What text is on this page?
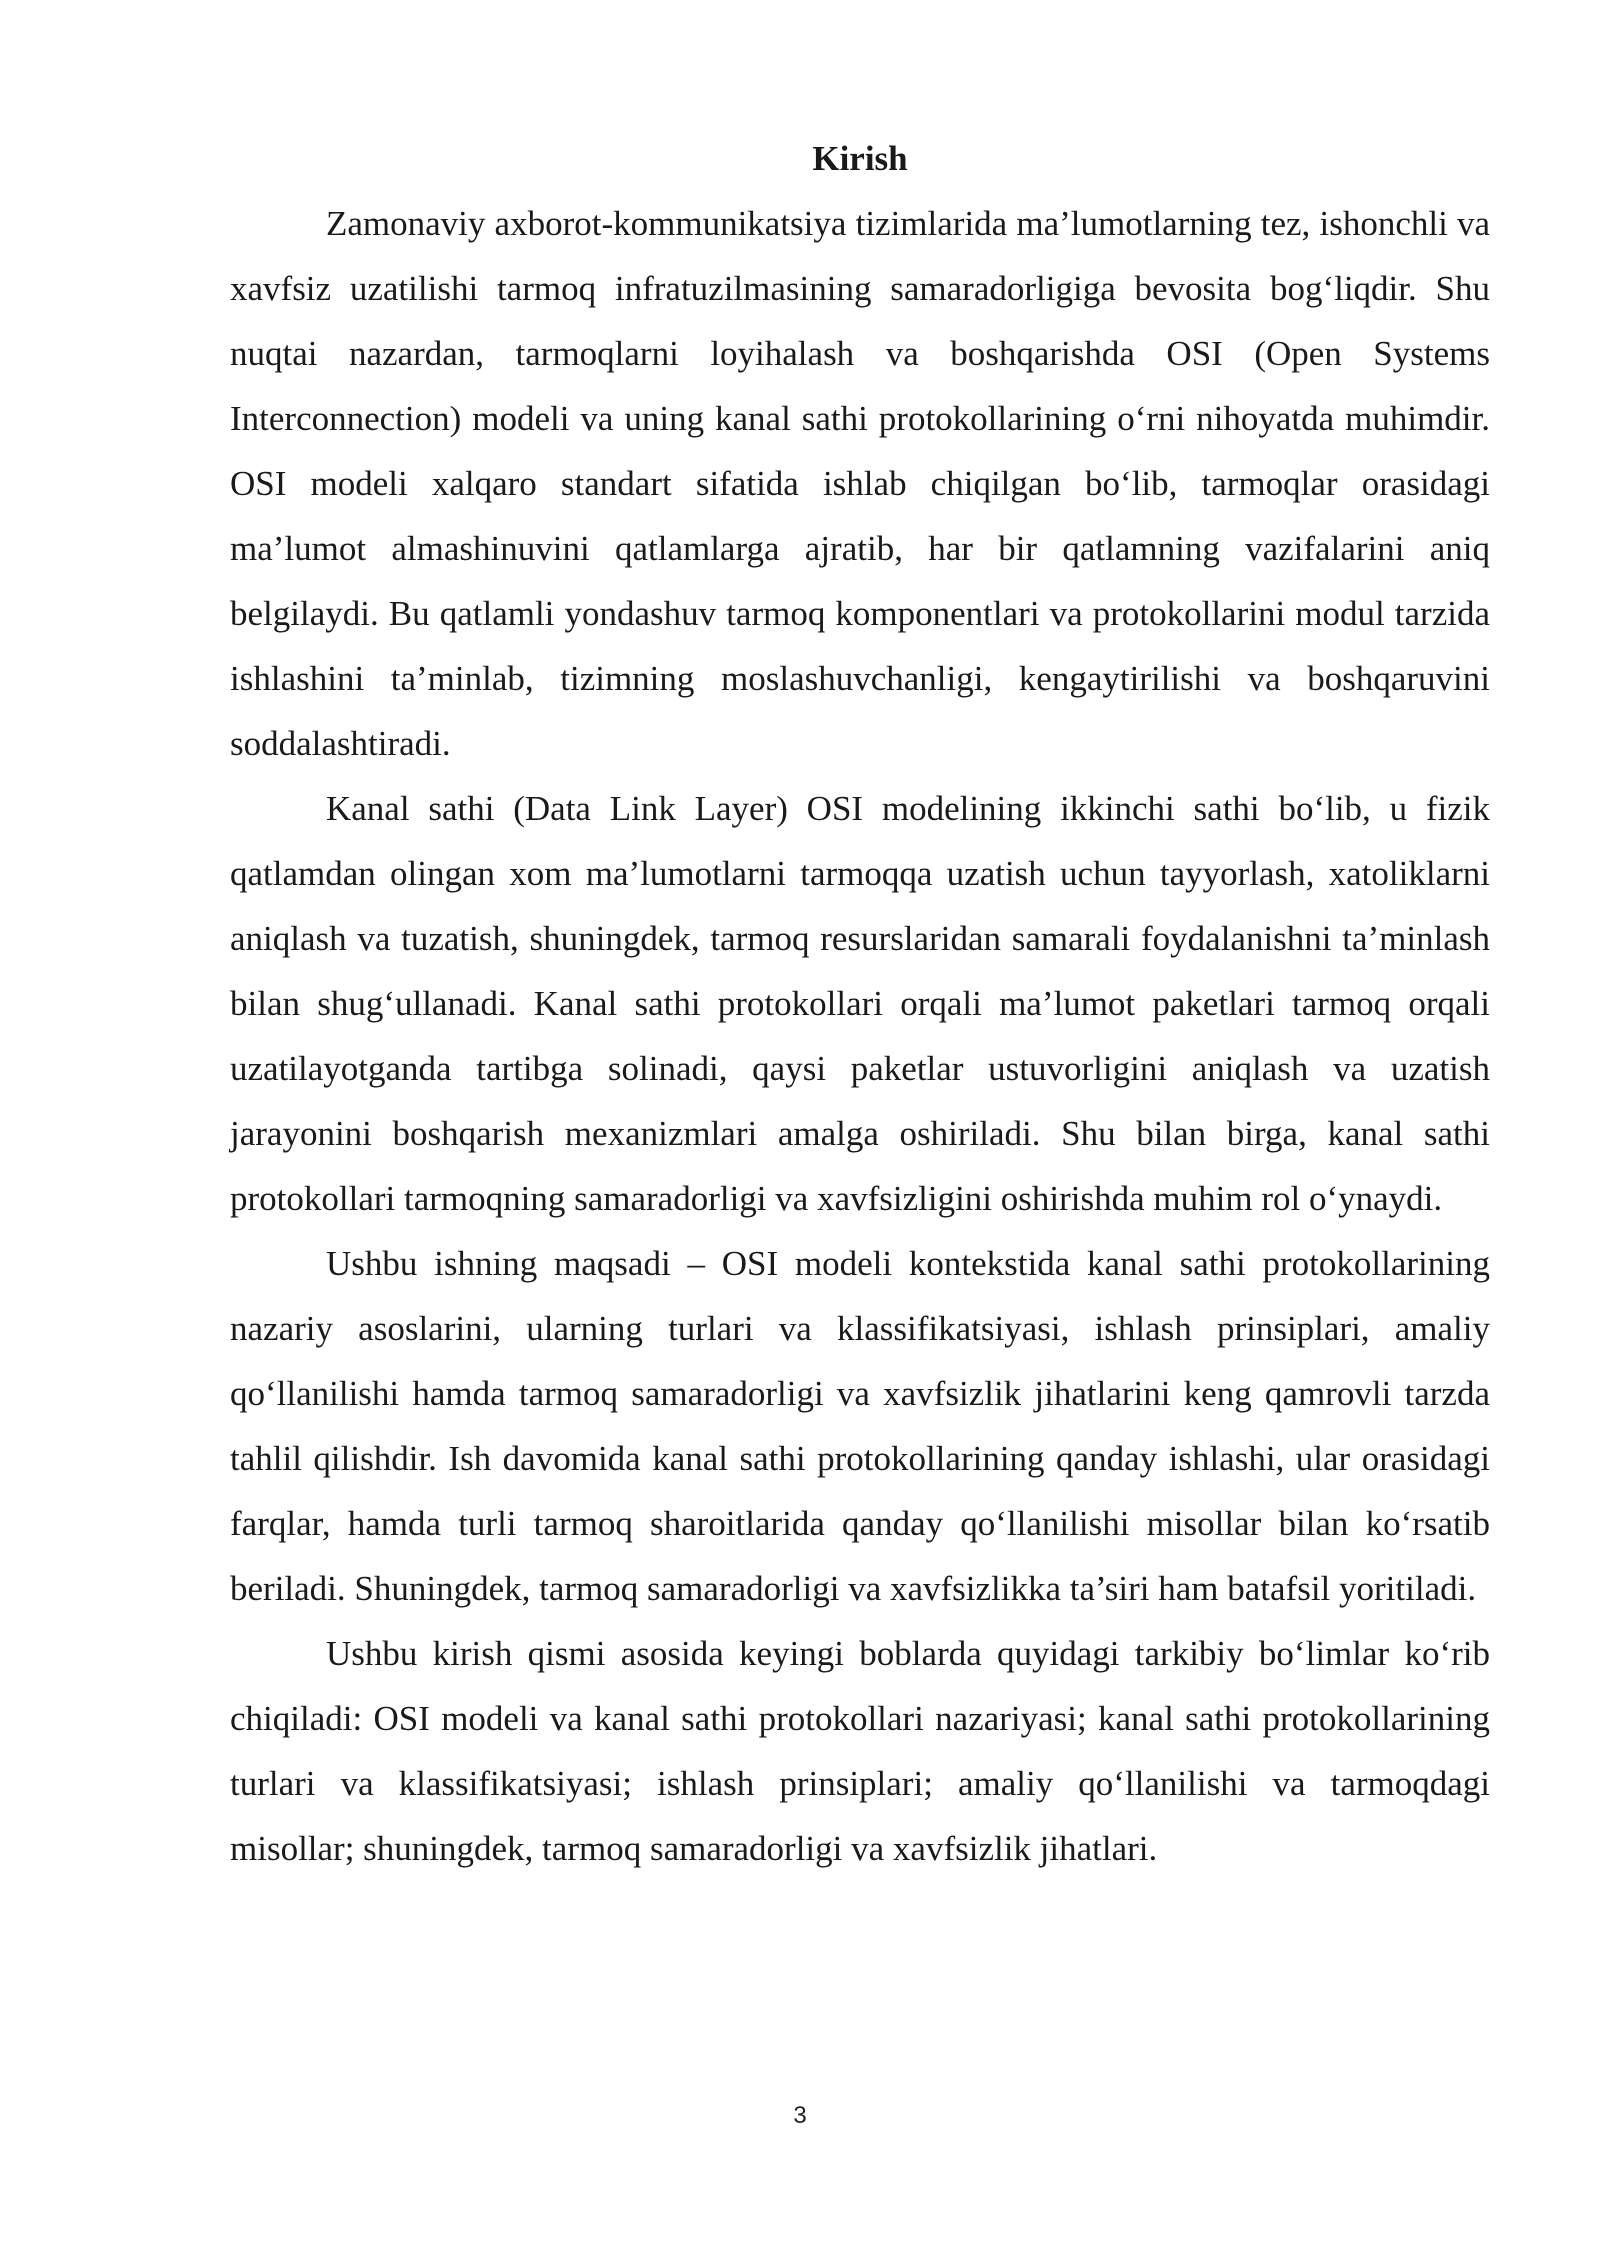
Kirish

Zamonaviy axborot-kommunikatsiya tizimlarida ma’lumotlarning tez, ishonchli va xavfsiz uzatilishi tarmoq infratuzilmasining samaradorligiga bevosita bog‘liqdir. Shu nuqtai nazardan, tarmoqlarni loyihalash va boshqarishda OSI (Open Systems Interconnection) modeli va uning kanal sathi protokollarining o‘rni nihoyatda muhimdir. OSI modeli xalqaro standart sifatida ishlab chiqilgan bo‘lib, tarmoqlar orasidagi ma’lumot almashinuvini qatlamlarga ajratib, har bir qatlamning vazifalarini aniq belgilaydi. Bu qatlamli yondashuv tarmoq komponentlari va protokollarini modul tarzida ishlashini ta’minlab, tizimning moslashuvchanligi, kengaytirilishi va boshqaruvini soddalashtiradi.

Kanal sathi (Data Link Layer) OSI modelining ikkinchi sathi bo‘lib, u fizik qatlamdan olingan xom ma’lumotlarni tarmoqqa uzatish uchun tayyorlash, xatoliklarni aniqlash va tuzatish, shuningdek, tarmoq resurslaridan samarali foydalanishni ta’minlash bilan shug‘ullanadi. Kanal sathi protokollari orqali ma’lumot paketlari tarmoq orqali uzatilayotganda tartibga solinadi, qaysi paketlar ustuvorligini aniqlash va uzatish jarayonini boshqarish mexanizmlari amalga oshiriladi. Shu bilan birga, kanal sathi protokollari tarmoqning samaradorligi va xavfsizligini oshirishda muhim rol o‘ynaydi.

Ushbu ishning maqsadi – OSI modeli kontekstida kanal sathi protokollarining nazariy asoslarini, ularning turlari va klassifikatsiyasi, ishlash prinsiplari, amaliy qo‘llanilishi hamda tarmoq samaradorligi va xavfsizlik jihatlarini keng qamrovli tarzda tahlil qilishdir. Ish davomida kanal sathi protokollarining qanday ishlashi, ular orasidagi farqlar, hamda turli tarmoq sharoitlarida qanday qo‘llanilishi misollar bilan ko‘rsatib beriladi. Shuningdek, tarmoq samaradorligi va xavfsizlikka ta’siri ham batafsil yoritiladi.

Ushbu kirish qismi asosida keyingi boblarda quyidagi tarkibiy bo‘limlar ko‘rib chiqiladi: OSI modeli va kanal sathi protokollari nazariyasi; kanal sathi protokollarining turlari va klassifikatsiyasi; ishlash prinsiplari; amaliy qo‘llanilishi va tarmoqdagi misollar; shuningdek, tarmoq samaradorligi va xavfsizlik jihatlari.

3
